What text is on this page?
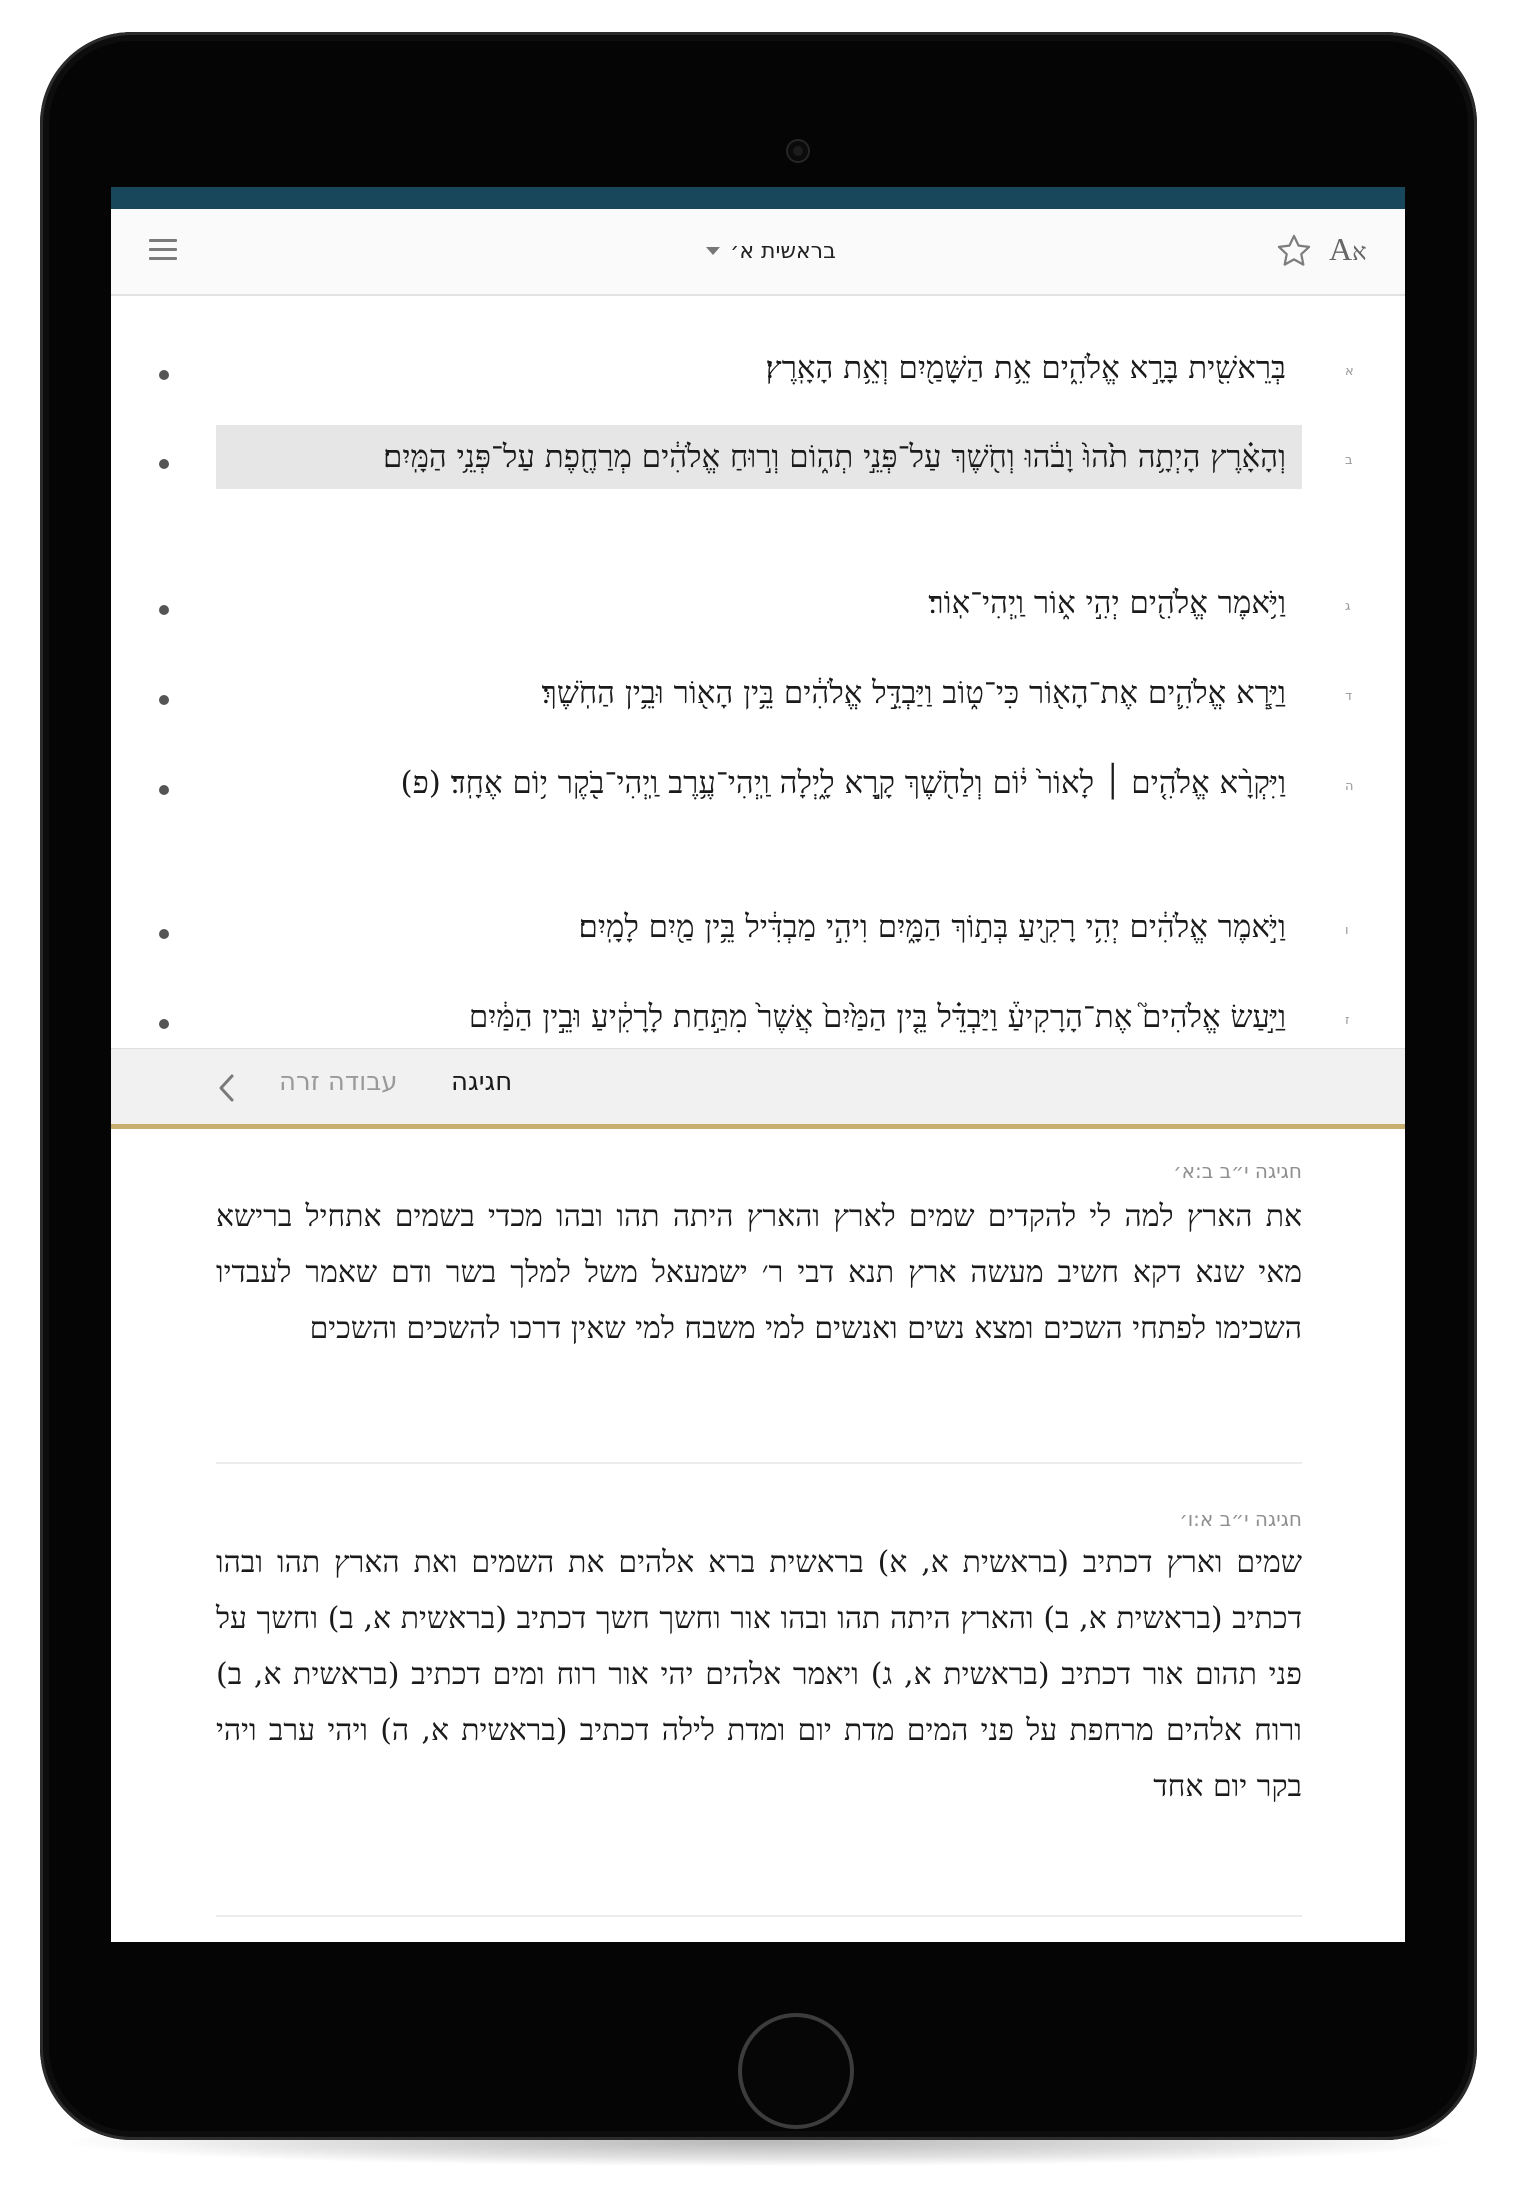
בראשית א׳	Aא
א
בְּרֵאשִׁ֖ית בָּרָ֣א אֱלֹהִ֑ים אֵ֥ת הַשָּׁמַ֖יִם וְאֵ֥ת הָאָֽרֶץ׃
ב
וְהָאָ֗רֶץ הָיְתָ֥ה תֹ֙הוּ֙ וָבֹ֔הוּ וְחֹ֖שֶׁךְ עַל־פְּנֵ֣י תְה֑וֹם וְר֣וּחַ אֱלֹהִ֔ים מְרַחֶ֖פֶת עַל־פְּנֵ֥י הַמָּֽיִם׃
ג
וַיֹּ֥אמֶר אֱלֹהִ֖ים יְהִ֣י א֑וֹר וַֽיְהִי־אֽוֹר׃
ד
וַיַּ֧רְא אֱלֹהִ֛ים אֶת־הָא֖וֹר כִּי־ט֑וֹב וַיַּבְדֵּ֣ל אֱלֹהִ֔ים בֵּ֥ין הָא֖וֹר וּבֵ֥ין הַחֹֽשֶׁךְ׃
ה
וַיִּקְרָ֨א אֱלֹהִ֤ים ׀ לָאוֹר֙ י֔וֹם וְלַחֹ֖שֶׁךְ קָ֣רָא לָ֑יְלָה וַֽיְהִי־עֶ֥רֶב וַֽיְהִי־בֹ֖קֶר י֥וֹם אֶחָֽד׃ (פ)
ו
וַיֹּ֣אמֶר אֱלֹהִ֔ים יְהִ֥י רָקִ֖יעַ בְּת֣וֹךְ הַמָּ֑יִם וִיהִ֣י מַבְדִּ֔יל בֵּ֥ין מַ֖יִם לָמָֽיִם׃
ז
וַיַּ֣עַשׂ אֱלֹהִים֮ אֶת־הָרָקִיעַ֒ וַיַּבְדֵּ֗ל בֵּ֤ין הַמַּ֙יִם֙ אֲשֶׁר֙ מִתַּ֣חַת לָרָקִ֔יעַ וּבֵ֣ין הַמַּ֔יִם
עבודה זרה חגיגה
חגיגה י״ב ב:א׳
את הארץ למה לי להקדים שמים לארץ והארץ היתה תהו ובהו מכדי בשמים אתחיל ברישא מאי שנא דקא חשיב מעשה ארץ תנא דבי ר׳ ישמעאל משל למלך בשר ודם שאמר לעבדיו השכימו לפתחי השכים ומצא נשים ואנשים למי משבח למי שאין דרכו להשכים והשכים
חגיגה י״ב א:ו׳
שמים וארץ דכתיב (בראשית א, א) בראשית ברא אלהים את השמים ואת הארץ תהו ובהו דכתיב (בראשית א, ב) והארץ היתה תהו ובהו אור וחשך חשך דכתיב (בראשית א, ב) וחשך על פני תהום אור דכתיב (בראשית א, ג) ויאמר אלהים יהי אור רוח ומים דכתיב (בראשית א, ב) ורוח אלהים מרחפת על פני המים מדת יום ומדת לילה דכתיב (בראשית א, ה) ויהי ערב ויהי בקר יום אחד
